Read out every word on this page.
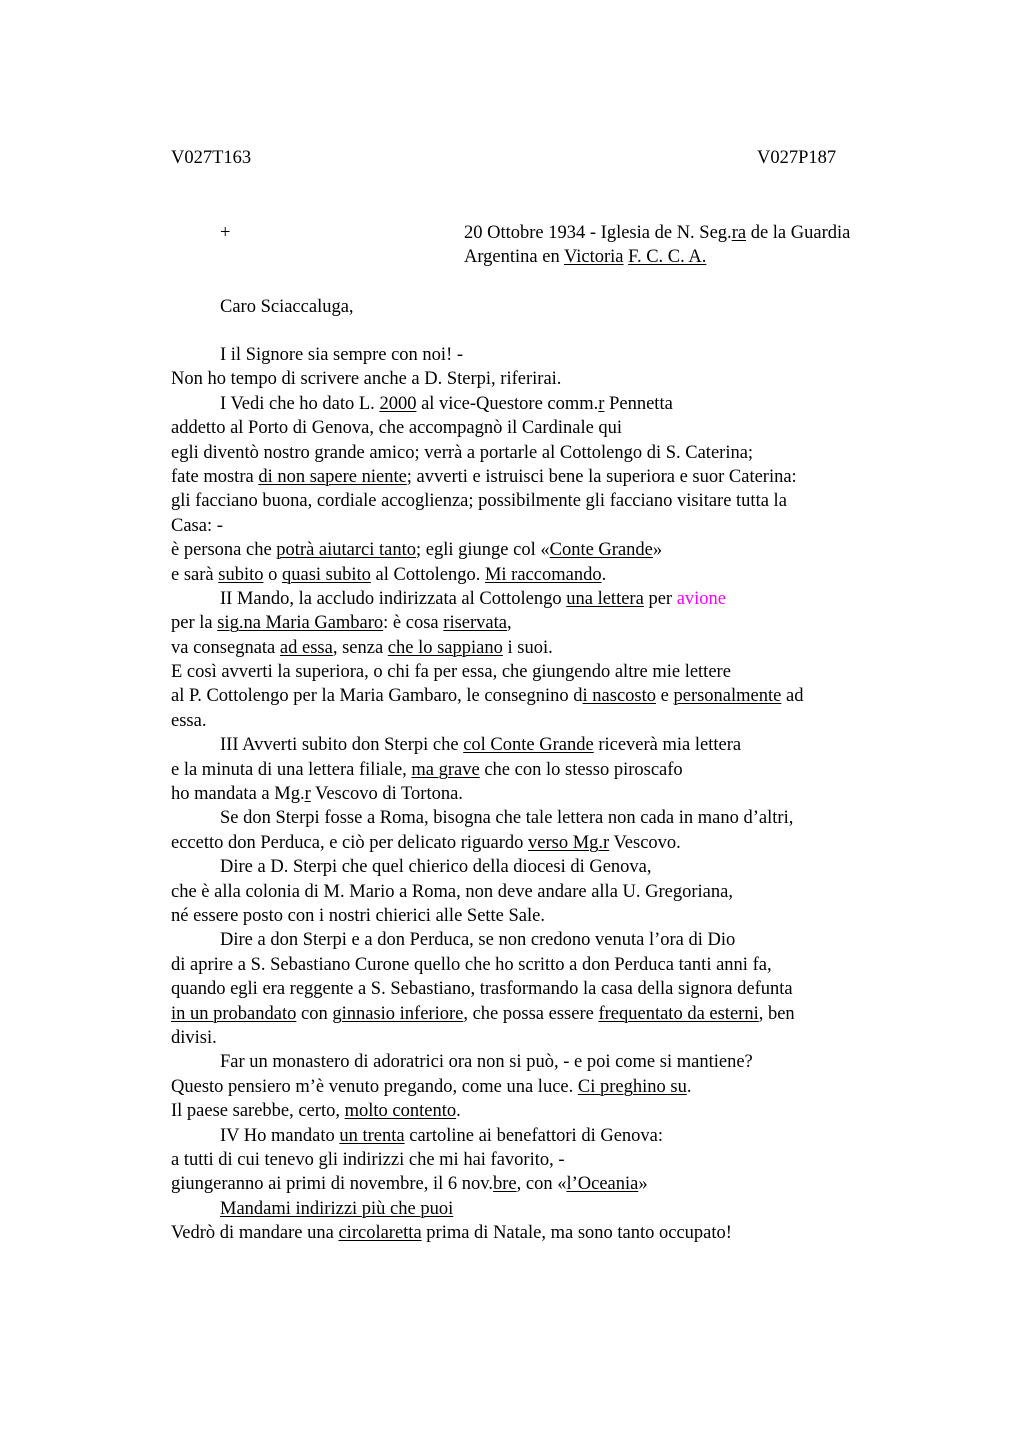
V027T163	V027P187
+	20 Ottobre 1934 - Iglesia de N. Seg.ra de la Guardia
Argentina en Victoria F. C. C. A.
Caro Sciaccaluga,
I il Signore sia sempre con noi! -
Non ho tempo di scrivere anche a D. Sterpi, riferirai.
I Vedi che ho dato L. 2000 al vice-Questore comm.r Pennetta
addetto al Porto di Genova, che accompagnò il Cardinale qui
egli diventò nostro grande amico; verrà a portarle al Cottolengo di S. Caterina;
fate mostra di non sapere niente; avverti e istruisci bene la superiora e suor Caterina:
gli facciano buona, cordiale accoglienza; possibilmente gli facciano visitare tutta la
Casa: -
è persona che potrà aiutarci tanto; egli giunge col «Conte Grande»
e sarà subito o quasi subito al Cottolengo. Mi raccomando.
II Mando, la accludo indirizzata al Cottolengo una lettera per avione
per la sig.na Maria Gambaro: è cosa riservata,
va consegnata ad essa, senza che lo sappiano i suoi.
E così avverti la superiora, o chi fa per essa, che giungendo altre mie lettere
al P. Cottolengo per la Maria Gambaro, le consegnino di nascosto e personalmente ad
essa.
III Avverti subito don Sterpi che col Conte Grande riceverà mia lettera
e la minuta di una lettera filiale, ma grave che con lo stesso piroscafo
ho mandata a Mg.r Vescovo di Tortona.
Se don Sterpi fosse a Roma, bisogna che tale lettera non cada in mano d’altri,
eccetto don Perduca, e ciò per delicato riguardo verso Mg.r Vescovo.
Dire a D. Sterpi che quel chierico della diocesi di Genova,
che è alla colonia di M. Mario a Roma, non deve andare alla U. Gregoriana,
né essere posto con i nostri chierici alle Sette Sale.
Dire a don Sterpi e a don Perduca, se non credono venuta l’ora di Dio
di aprire a S. Sebastiano Curone quello che ho scritto a don Perduca tanti anni fa,
quando egli era reggente a S. Sebastiano, trasformando la casa della signora defunta
in un probandato con ginnasio inferiore, che possa essere frequentato da esterni, ben
divisi.
Far un monastero di adoratrici ora non si può, - e poi come si mantiene?
Questo pensiero m’è venuto pregando, come una luce. Ci preghino su.
Il paese sarebbe, certo, molto contento.
IV Ho mandato un trenta cartoline ai benefattori di Genova:
a tutti di cui tenevo gli indirizzi che mi hai favorito, -
giungeranno ai primi di novembre, il 6 nov.bre, con «l’Oceania»
Mandami indirizzi più che puoi
Vedrò di mandare una circolaretta prima di Natale, ma sono tanto occupato!
